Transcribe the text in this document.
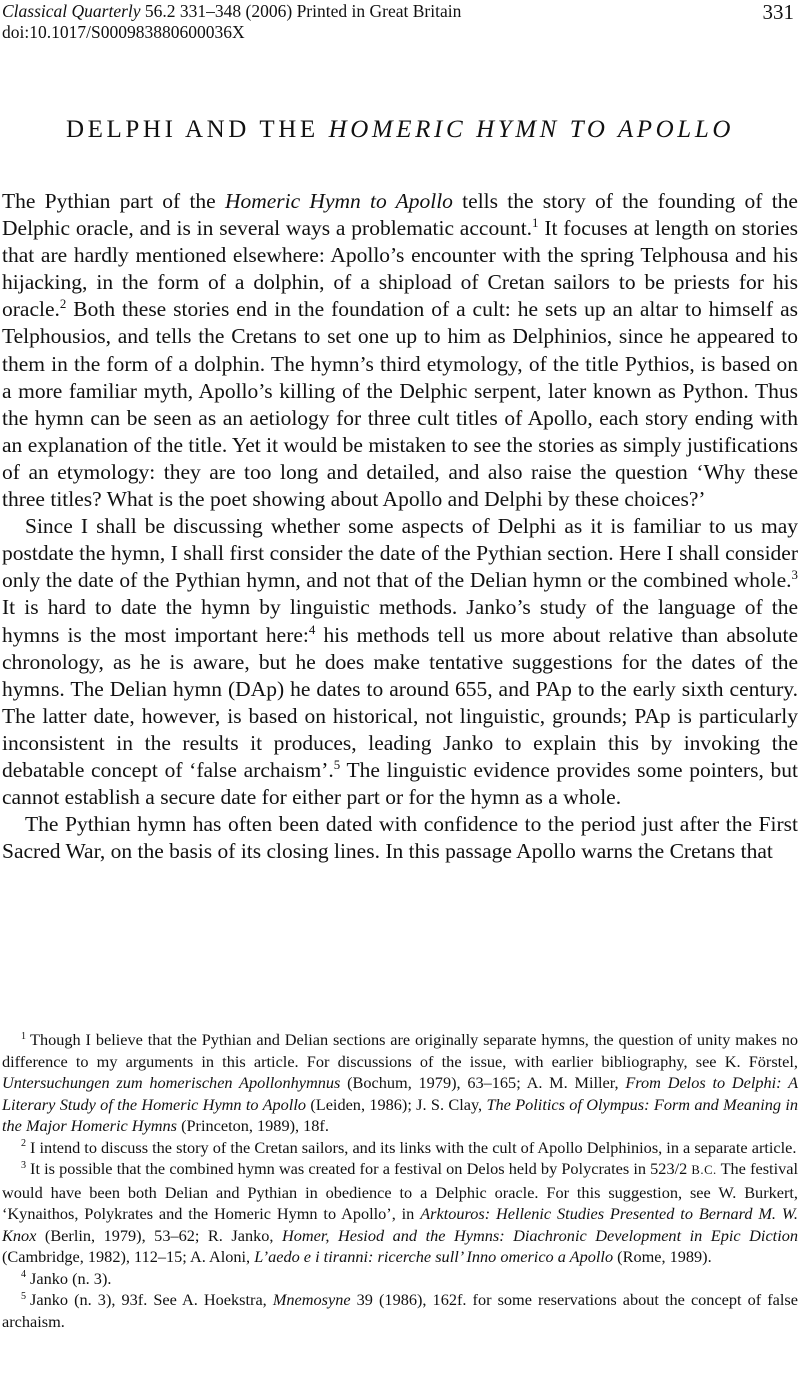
Classical Quarterly 56.2 331–348 (2006) Printed in Great Britain
doi:10.1017/S000983880600036X
331
DELPHI AND THE HOMERIC HYMN TO APOLLO

The Pythian part of the Homeric Hymn to Apollo tells the story of the founding of the Delphic oracle, and is in several ways a problematic account.$^1$ It focuses at length on stories that are hardly mentioned elsewhere: Apollo’s encounter with the spring Telphousa and his hijacking, in the form of a dolphin, of a shipload of Cretan sailors to be priests for his oracle.$^2$ Both these stories end in the foundation of a cult: he sets up an altar to himself as Telphousios, and tells the Cretans to set one up to him as Delphinios, since he appeared to them in the form of a dolphin. The hymn’s third etymology, of the title Pythios, is based on a more familiar myth, Apollo’s killing of the Delphic serpent, later known as Python. Thus the hymn can be seen as an aetiology for three cult titles of Apollo, each story ending with an explanation of the title. Yet it would be mistaken to see the stories as simply justifications of an etymology: they are too long and detailed, and also raise the question ‘Why these three titles? What is the poet showing about Apollo and Delphi by these choices?’

Since I shall be discussing whether some aspects of Delphi as it is familiar to us may postdate the hymn, I shall first consider the date of the Pythian section. Here I shall consider only the date of the Pythian hymn, and not that of the Delian hymn or the combined whole.$^3$ It is hard to date the hymn by linguistic methods. Janko’s study of the language of the hymns is the most important here:$^4$ his methods tell us more about relative than absolute chronology, as he is aware, but he does make tentative suggestions for the dates of the hymns. The Delian hymn (DAp) he dates to around 655, and PAp to the early sixth century. The latter date, however, is based on historical, not linguistic, grounds; PAp is particularly inconsistent in the results it produces, leading Janko to explain this by invoking the debatable concept of ‘false archaism’.$^5$ The linguistic evidence provides some pointers, but cannot establish a secure date for either part or for the hymn as a whole.

The Pythian hymn has often been dated with confidence to the period just after the First Sacred War, on the basis of its closing lines. In this passage Apollo warns the Cretans that

$^1$ Though I believe that the Pythian and Delian sections are originally separate hymns, the question of unity makes no difference to my arguments in this article. For discussions of the issue, with earlier bibliography, see K. Förstel, Untersuchungen zum homerischen Apollonhymnus (Bochum, 1979), 63–165; A. M. Miller, From Delos to Delphi: A Literary Study of the Homeric Hymn to Apollo (Leiden, 1986); J. S. Clay, The Politics of Olympus: Form and Meaning in the Major Homeric Hymns (Princeton, 1989), 18f.

$^2$ I intend to discuss the story of the Cretan sailors, and its links with the cult of Apollo Delphinios, in a separate article.

$^3$ It is possible that the combined hymn was created for a festival on Delos held by Polycrates in 523/2 B.C. The festival would have been both Delian and Pythian in obedience to a Delphic oracle. For this suggestion, see W. Burkert, ‘Kynaithos, Polykrates and the Homeric Hymn to Apollo’, in Arktouros: Hellenic Studies Presented to Bernard M. W. Knox (Berlin, 1979), 53–62; R. Janko, Homer, Hesiod and the Hymns: Diachronic Development in Epic Diction (Cambridge, 1982), 112–15; A. Aloni, L’aedo e i tiranni: ricerche sull’ Inno omerico a Apollo (Rome, 1989).

$^4$ Janko (n. 3).

$^5$ Janko (n. 3), 93f. See A. Hoekstra, Mnemosyne 39 (1986), 162f. for some reservations about the concept of false archaism.
